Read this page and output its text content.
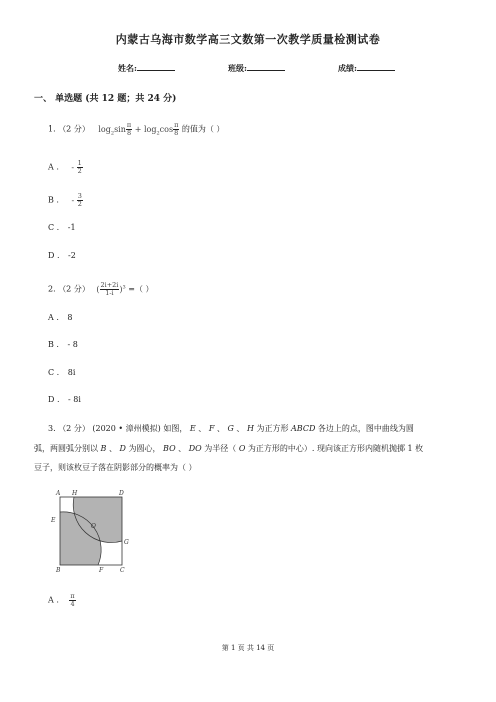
内蒙古乌海市数学高三文数第一次教学质量检测试卷
姓名:	班级:	成绩:
一、 单选题 (共 12 题；共 24 分)
1. （2 分） $\log_2\sin \frac{\pi}{8} + \log_2\cos \frac{\pi}{8}$ 的值为（ ）
A . - $\frac{1}{2}$
B . - $\frac{3}{2}$
C . -1
D . -2
2. （2 分） ( $\frac{2i+2i}{1-i} )^3$ =（ ）
A . 8
B . - 8
C . 8i
D . - 8i
3. （2 分） (2020 • 漳州模拟) 如图， E 、 F 、 G 、 H 为正方形 ABCD 各边上的点，图中曲线为圆
弧，两圆弧分别以 B 、 D 为圆心， BO 、 DO 为半径（ O 为正方形的中心）. 现向该正方形内随机抛掷 1 枚
豆子，则该枚豆子落在阴影部分的概率为（ ）
A H	D
E
O
G
B	F	C
A . $\frac{\pi}{4}$
第 1 页 共 14 页
